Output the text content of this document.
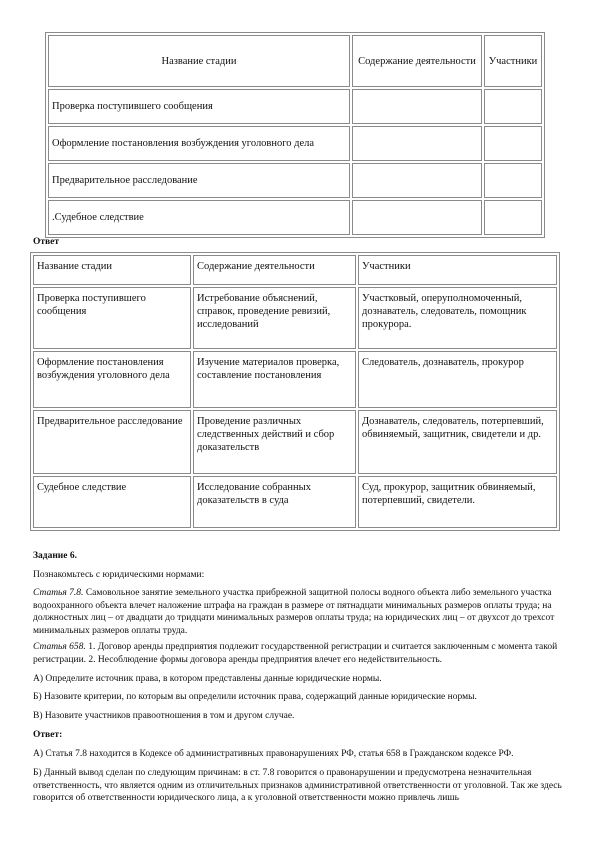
Название стадии	Содержание деятельности	Участники
Проверка поступившего сообщения		
Оформление постановления возбуждения уголовного дела		
Предварительное расследование		
.Судебное следствие		
Ответ
Название стадии	Содержание деятельности	Участники
Проверка поступившего сообщения	Истребование объяснений, справок, проведение ревизий, исследований	Участковый, оперуполномоченный, дознаватель, следователь, помощник прокурора.
Оформление постановления возбуждения уголовного дела	Изучение материалов проверка, составление постановления	Следователь, дознаватель, прокурор
Предварительное расследование	Проведение различных следственных действий и сбор доказательств	Дознаватель, следователь, потерпевший, обвиняемый, защитник, свидетели и др.
Судебное следствие	Исследование собранных доказательств в суда	Суд, прокурор, защитник обвиняемый, потерпевший, свидетели.
Задание 6.
Познакомьтесь с юридическими нормами:
Статья 7.8. Самовольное занятие земельного участка прибрежной защитной полосы водного объекта либо земельного участка водоохранного объекта влечет наложение штрафа на граждан в размере от пятнадцати минимальных размеров оплаты труда; на должностных лиц – от двадцати до тридцати минимальных размеров оплаты труда; на юридических лиц – от двухсот до трехсот минимальных размеров оплаты труда.
Статья 658. 1. Договор аренды предприятия подлежит государственной регистрации и считается заключенным с момента такой регистрации. 2. Несоблюдение формы договора аренды предприятия влечет его недействительность.
А) Определите источник права, в котором представлены данные юридические нормы.
Б) Назовите критерии, по которым вы определили источник права, содержащий данные юридические нормы.
В) Назовите участников правоотношения в том и другом случае.
Ответ:
А) Статья 7.8 находится в Кодексе об административных правонарушениях РФ, статья 658 в Гражданском кодексе РФ.
Б) Данный вывод сделан по следующим причинам: в ст. 7.8 говорится о правонарушении и предусмотрена незначительная ответственность, что является одним из отличительных признаков административной ответственности от уголовной. Так же здесь говорится об ответственности юридического лица, а к уголовной ответственности можно привлечь лишь
